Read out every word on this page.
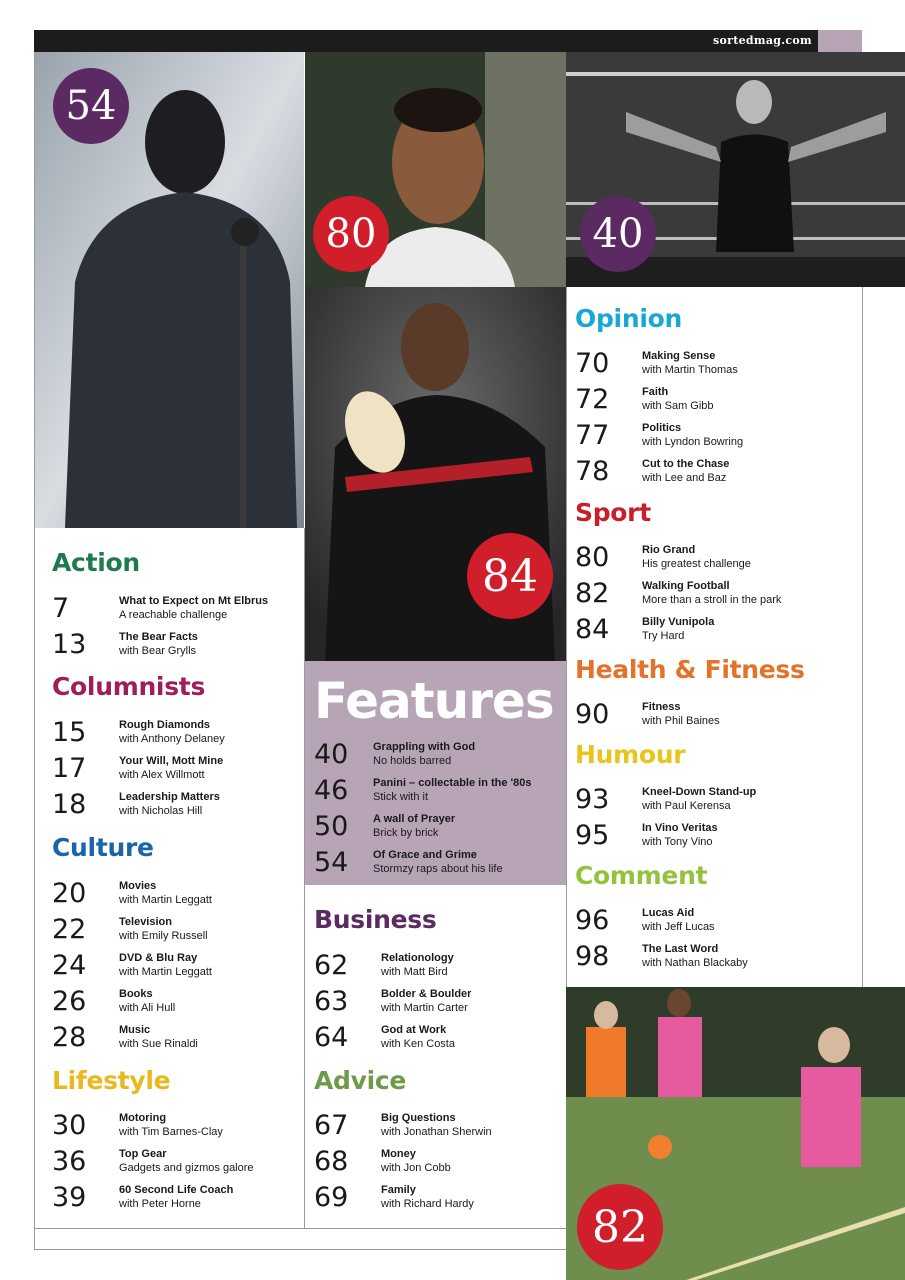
sortedmag.com
54
80	40
84
82
Features
Action
7	What to Expect on Mt Elbrus
A reachable challenge
13	The Bear Facts
with Bear Grylls
Columnists
15	Rough Diamonds
with Anthony Delaney
17	Your Will, Mott Mine
with Alex Willmott
18	Leadership Matters
with Nicholas Hill
Culture
20	Movies
with Martin Leggatt
22	Television
with Emily Russell
24	DVD & Blu Ray
with Martin Leggatt
26	Books
with Ali Hull
28	Music
with Sue Rinaldi
Lifestyle
30	Motoring
with Tim Barnes-Clay
36	Top Gear
Gadgets and gizmos galore
39	60 Second Life Coach
with Peter Horne
40 Grappling with God
No holds barred
46 Panini – collectable in the '80s
Stick with it
50 A wall of Prayer
Brick by brick
54 Of Grace and Grime
Stormzy raps about his life
Business
62	Relationology
with Matt Bird
63	Bolder & Boulder
with Martin Carter
64	God at Work
with Ken Costa
Advice
67	Big Questions
with Jonathan Sherwin
68	Money
with Jon Cobb
69	Family
with Richard Hardy
Opinion
70	Making Sense
with Martin Thomas
72	Faith
with Sam Gibb
77	Politics
with Lyndon Bowring
78	Cut to the Chase
with Lee and Baz
Sport
80	Rio Grand
His greatest challenge
82	Walking Football
More than a stroll in the park
84	Billy Vunipola
Try Hard
Health & Fitness
90	Fitness
with Phil Baines
Humour
93	Kneel-Down Stand-up
with Paul Kerensa
95	In Vino Veritas
with Tony Vino
Comment
96	Lucas Aid
with Jeff Lucas
98	The Last Word
with Nathan Blackaby
